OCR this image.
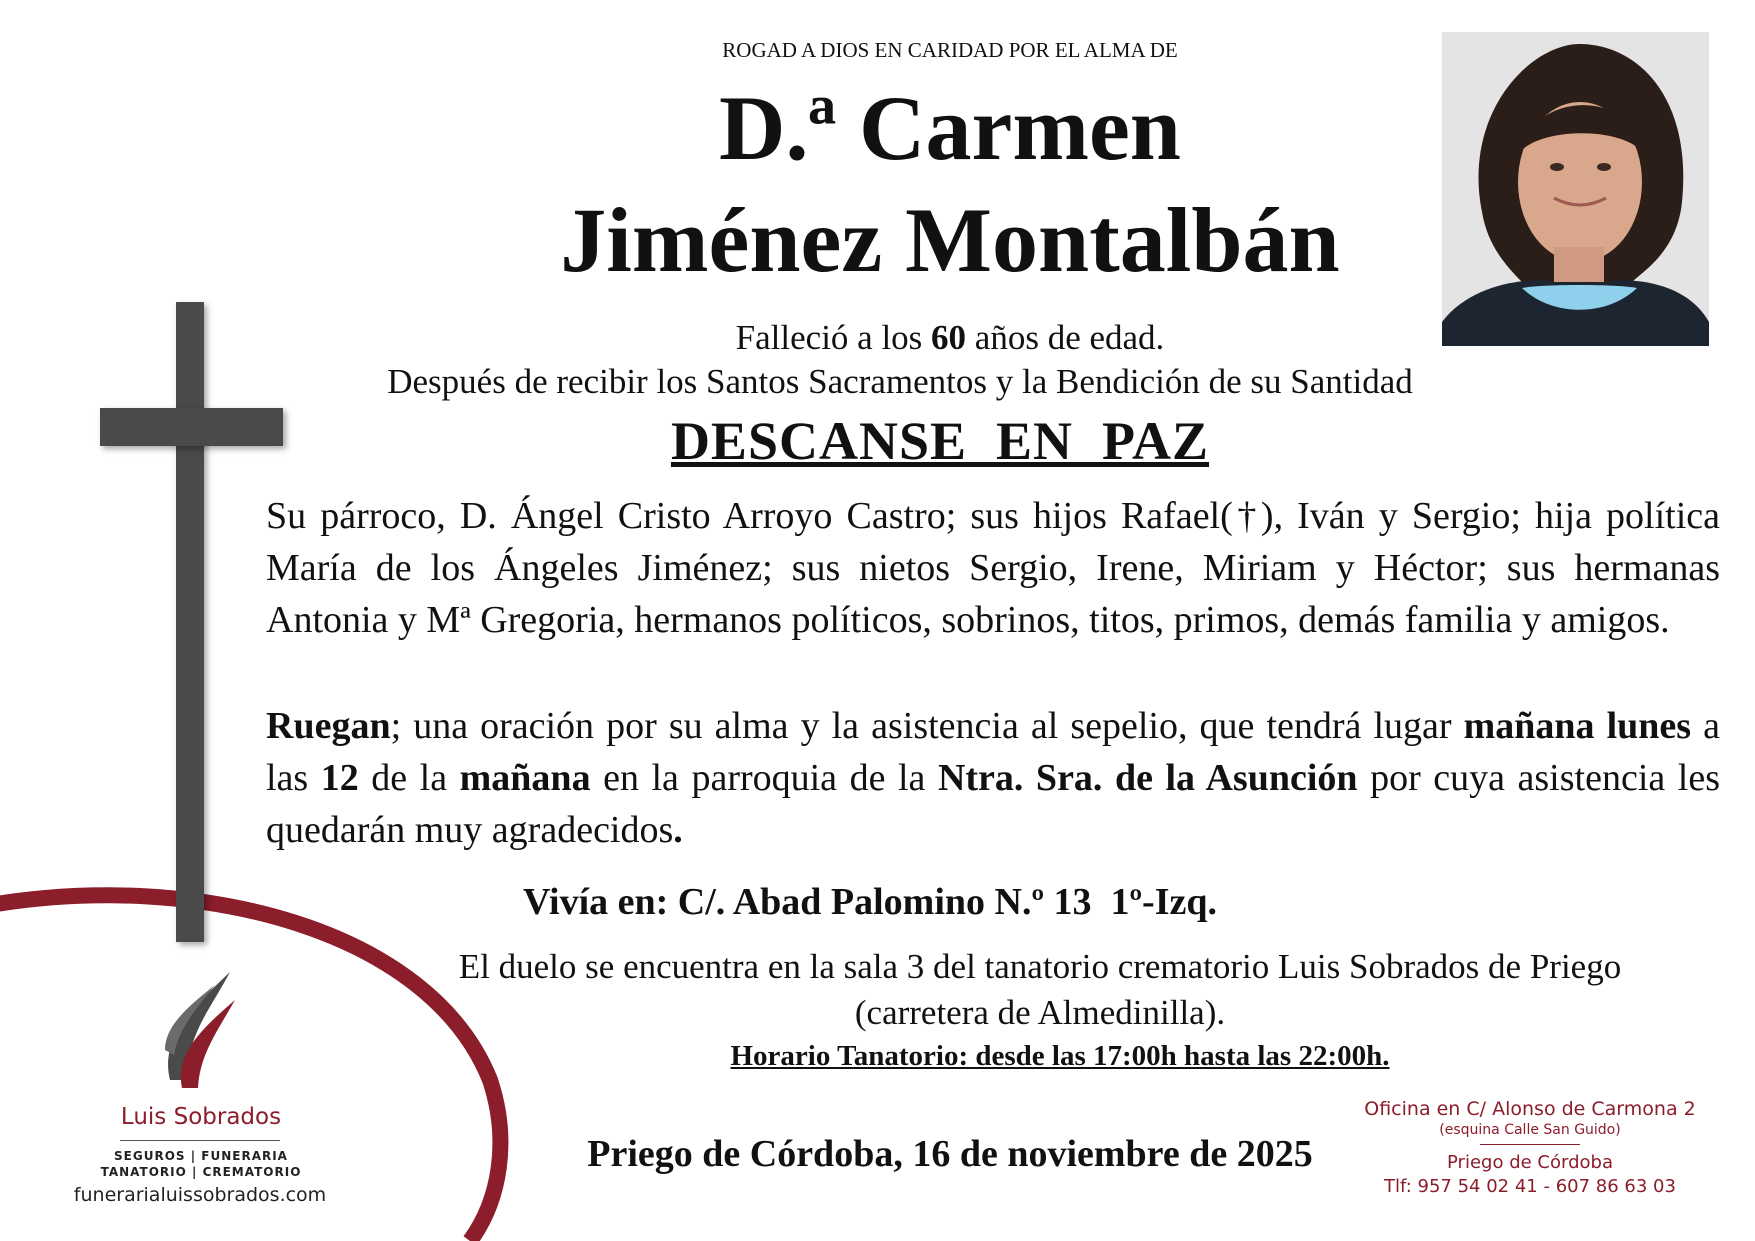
ROGAD A DIOS EN CARIDAD POR EL ALMA DE
D.ª Carmen
Jiménez Montalbán
Falleció a los 60 años de edad.
Después de recibir los Santos Sacramentos y la Bendición de su Santidad
DESCANSE  EN  PAZ
Su párroco, D. Ángel Cristo Arroyo Castro; sus hijos Rafael(†), Iván y Sergio; hija política María de los Ángeles Jiménez; sus nietos Sergio, Irene, Miriam y Héctor; sus hermanas Antonia y Mª Gregoria, hermanos políticos, sobrinos, titos, primos, demás familia y amigos.
Ruegan; una oración por su alma y la asistencia al sepelio, que tendrá lugar mañana lunes a las 12 de la mañana en la parroquia de la Ntra. Sra. de la Asunción por cuya asistencia les quedarán muy agradecidos.
Vivía en: C/. Abad Palomino N.º 13  1º-Izq.
El duelo se encuentra en la sala 3 del tanatorio crematorio Luis Sobrados de Priego
(carretera de Almedinilla).
Horario Tanatorio: desde las 17:00h hasta las 22:00h.
Priego de Córdoba, 16 de noviembre de 2025
Luis Sobrados
SEGUROS | FUNERARIA
TANATORIO | CREMATORIO
funerarialuissobrados.com
Oficina en C/ Alonso de Carmona 2
(esquina Calle San Guido)
Priego de Córdoba
Tlf: 957 54 02 41 - 607 86 63 03
